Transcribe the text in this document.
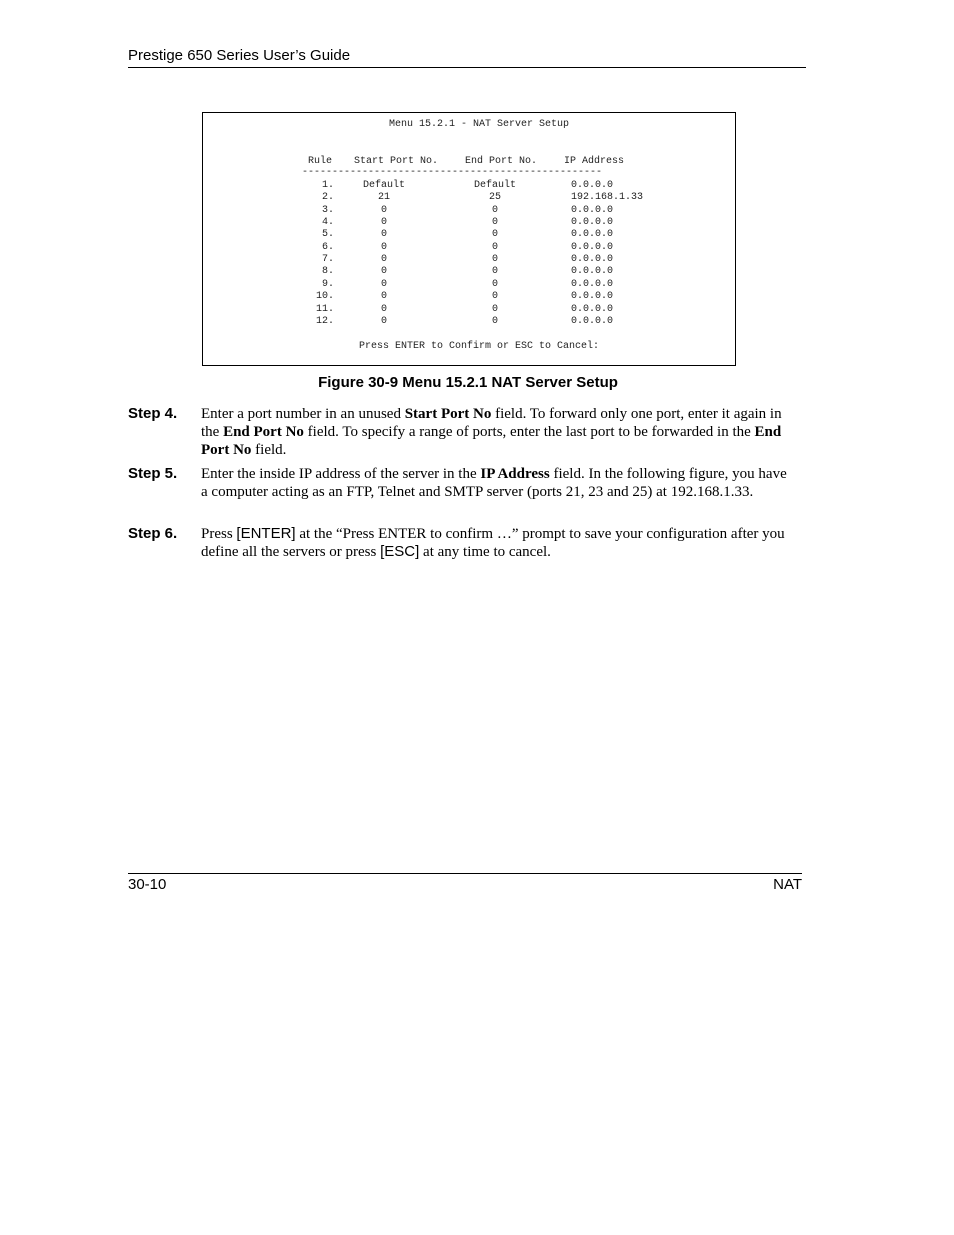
Prestige 650 Series User’s Guide
Menu 15.2.1 - NAT Server Setup
Rule Start Port No.	End Port No.	IP Address
--------------------------------------------------
1.	Default	Default	0.0.0.0
2.	21	25	192.168.1.33
3.	0	0	0.0.0.0
4.	0	0	0.0.0.0
5.	0	0	0.0.0.0
6.	0	0	0.0.0.0
7.	0	0	0.0.0.0
8.	0	0	0.0.0.0
9.	0	0	0.0.0.0
10.	0	0	0.0.0.0
11.	0	0	0.0.0.0
12.	0	0	0.0.0.0
Press ENTER to Confirm or ESC to Cancel:
Figure 30-9 Menu 15.2.1 NAT Server Setup
Step 4. Enter a port number in an unused Start Port No field. To forward only one port, enter it again in the End Port No field. To specify a range of ports, enter the last port to be forwarded in the End Port No field.
Step 5. Enter the inside IP address of the server in the IP Address field. In the following figure, you have a computer acting as an FTP, Telnet and SMTP server (ports 21, 23 and 25) at 192.168.1.33.
Step 6. Press [ENTER] at the “Press ENTER to confirm …” prompt to save your configuration after you define all the servers or press [ESC] at any time to cancel.
30-10	NAT
